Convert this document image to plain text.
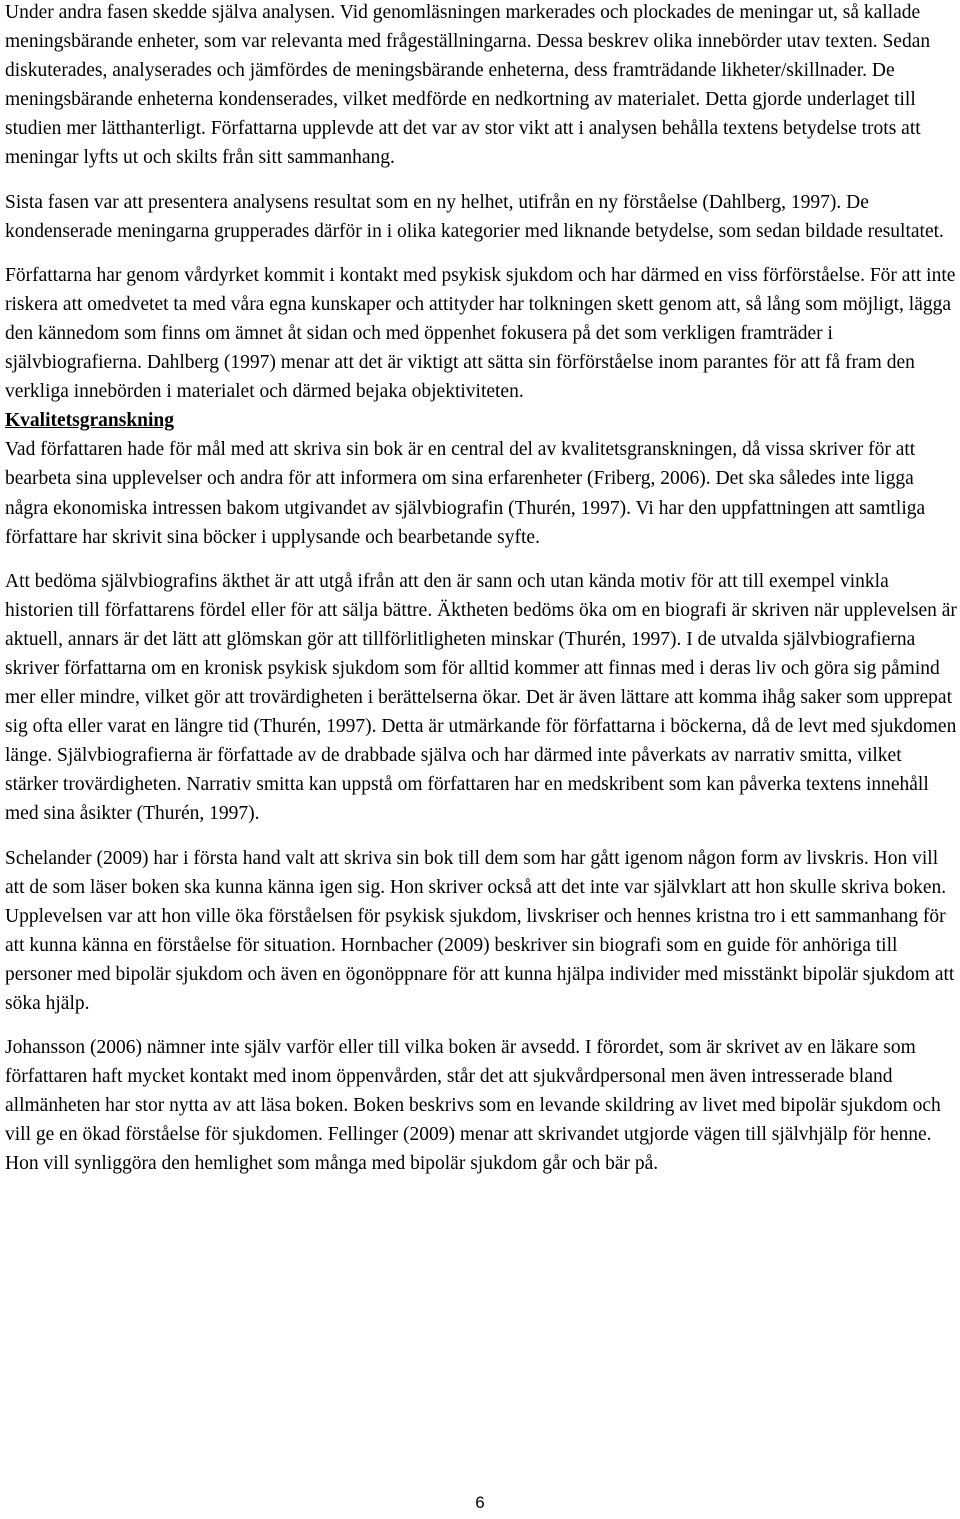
Under andra fasen skedde själva analysen. Vid genomläsningen markerades och plockades de meningar ut, så kallade meningsbärande enheter, som var relevanta med frågeställningarna. Dessa beskrev olika innebörder utav texten. Sedan diskuterades, analyserades och jämfördes de meningsbärande enheterna, dess framträdande likheter/skillnader. De meningsbärande enheterna kondenserades, vilket medförde en nedkortning av materialet. Detta gjorde underlaget till studien mer lätthanterligt. Författarna upplevde att det var av stor vikt att i analysen behålla textens betydelse trots att meningar lyfts ut och skilts från sitt sammanhang.

Sista fasen var att presentera analysens resultat som en ny helhet, utifrån en ny förståelse (Dahlberg, 1997). De kondenserade meningarna grupperades därför in i olika kategorier med liknande betydelse, som sedan bildade resultatet.

Författarna har genom vårdyrket kommit i kontakt med psykisk sjukdom och har därmed en viss förförståelse. För att inte riskera att omedvetet ta med våra egna kunskaper och attityder har tolkningen skett genom att, så lång som möjligt, lägga den kännedom som finns om ämnet åt sidan och med öppenhet fokusera på det som verkligen framträder i självbiografierna. Dahlberg (1997) menar att det är viktigt att sätta sin förförståelse inom parantes för att få fram den verkliga innebörden i materialet och därmed bejaka objektiviteten.

Kvalitetsgranskning

Vad författaren hade för mål med att skriva sin bok är en central del av kvalitetsgranskningen, då vissa skriver för att bearbeta sina upplevelser och andra för att informera om sina erfarenheter (Friberg, 2006). Det ska således inte ligga några ekonomiska intressen bakom utgivandet av självbiografin (Thurén, 1997). Vi har den uppfattningen att samtliga författare har skrivit sina böcker i upplysande och bearbetande syfte.

Att bedöma självbiografins äkthet är att utgå ifrån att den är sann och utan kända motiv för att till exempel vinkla historien till författarens fördel eller för att sälja bättre. Äktheten bedöms öka om en biografi är skriven när upplevelsen är aktuell, annars är det lätt att glömskan gör att tillförlitligheten minskar (Thurén, 1997). I de utvalda självbiografierna skriver författarna om en kronisk psykisk sjukdom som för alltid kommer att finnas med i deras liv och göra sig påmind mer eller mindre, vilket gör att trovärdigheten i berättelserna ökar. Det är även lättare att komma ihåg saker som upprepat sig ofta eller varat en längre tid (Thurén, 1997). Detta är utmärkande för författarna i böckerna, då de levt med sjukdomen länge. Självbiografierna är författade av de drabbade själva och har därmed inte påverkats av narrativ smitta, vilket stärker trovärdigheten. Narrativ smitta kan uppstå om författaren har en medskribent som kan påverka textens innehåll med sina åsikter (Thurén, 1997).

Schelander (2009) har i första hand valt att skriva sin bok till dem som har gått igenom någon form av livskris. Hon vill att de som läser boken ska kunna känna igen sig. Hon skriver också att det inte var självklart att hon skulle skriva boken. Upplevelsen var att hon ville öka förståelsen för psykisk sjukdom, livskriser och hennes kristna tro i ett sammanhang för att kunna känna en förståelse för situation. Hornbacher (2009) beskriver sin biografi som en guide för anhöriga till personer med bipolär sjukdom och även en ögonöppnare för att kunna hjälpa individer med misstänkt bipolär sjukdom att söka hjälp.

Johansson (2006) nämner inte själv varför eller till vilka boken är avsedd. I förordet, som är skrivet av en läkare som författaren haft mycket kontakt med inom öppenvården, står det att sjukvårdpersonal men även intresserade bland allmänheten har stor nytta av att läsa boken. Boken beskrivs som en levande skildring av livet med bipolär sjukdom och vill ge en ökad förståelse för sjukdomen. Fellinger (2009) menar att skrivandet utgjorde vägen till självhjälp för henne. Hon vill synliggöra den hemlighet som många med bipolär sjukdom går och bär på.

6
